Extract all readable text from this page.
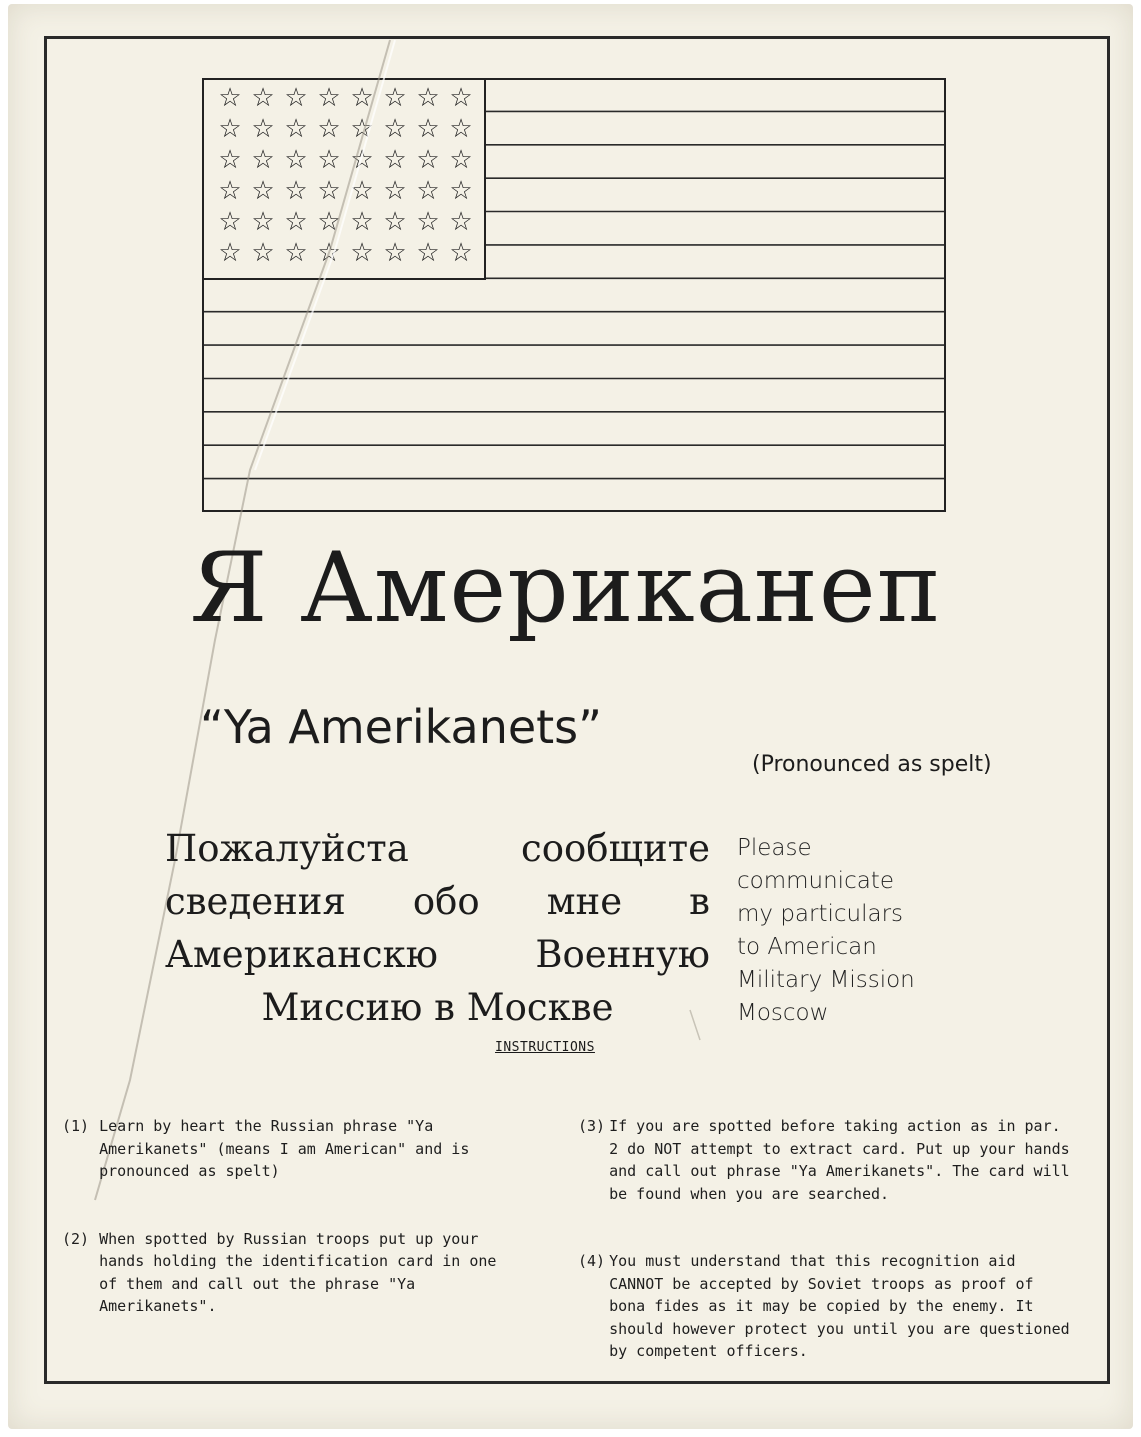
☆ ☆ ☆ ☆ ☆ ☆ ☆ ☆
☆ ☆ ☆ ☆ ☆ ☆ ☆ ☆
☆ ☆ ☆ ☆ ☆ ☆ ☆ ☆
☆ ☆ ☆ ☆ ☆ ☆ ☆ ☆
☆ ☆ ☆ ☆ ☆ ☆ ☆ ☆
☆ ☆ ☆ ☆ ☆ ☆ ☆ ☆
Я Американеп
“Ya Amerikanets”
(Pronounced as spelt)
Пожалуйста	сообщите
сведения обо мне в
Американскю	Военную
Миссию в Москве
Please
communicate
my particulars
to American
Military Mission
Moscow
INSTRUCTIONS

(1) Learn by heart the Russian phrase "Ya Amerikanets" (means I am American" and is pronounced as spelt)

(2) When spotted by Russian troops put up your hands holding the identification card in one of them and call out the phrase "Ya Amerikanets".

(3) If you are spotted before taking action as in par. 2 do NOT attempt to extract card. Put up your hands and call out phrase "Ya Amerikanets". The card will be found when you are searched.

(4) You must understand that this recognition aid CANNOT be accepted by Soviet troops as proof of bona fides as it may be copied by the enemy. It should however protect you until you are questioned by competent officers.
